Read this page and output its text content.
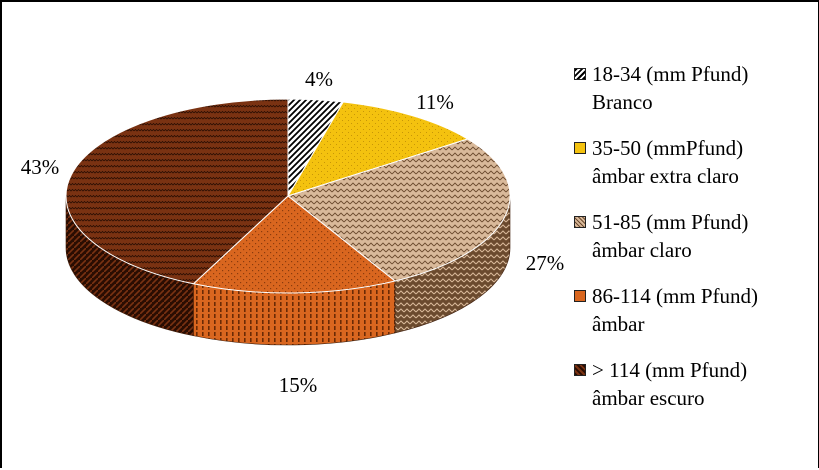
4%
11%
27%
15%
43%
18-34 (mm Pfund)
Branco
35-50 (mmPfund)
âmbar extra claro
51-85 (mm Pfund)
âmbar claro
86-114 (mm Pfund)
âmbar
> 114 (mm Pfund)
âmbar escuro
